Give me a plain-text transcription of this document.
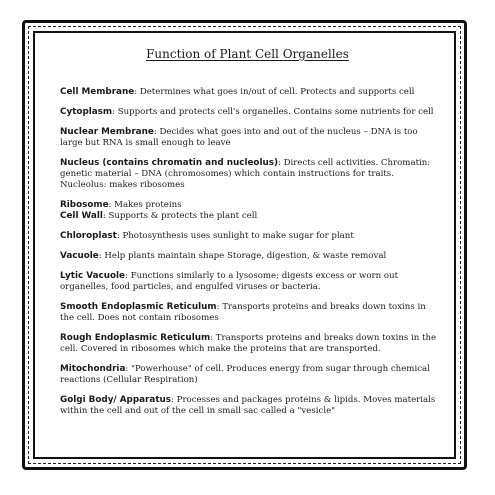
Function of Plant Cell Organelles
Cell Membrane: Determines what goes in/out of cell. Protects and supports cell
Cytoplasm: Supports and protects cell's organelles. Contains some nutrients for cell
Nuclear Membrane: Decides what goes into and out of the nucleus – DNA is too large but RNA is small enough to leave
Nucleus (contains chromatin and nucleolus): Directs cell activities. Chromatin: genetic material – DNA (chromosomes) which contain instructions for traits. Nucleolus: makes ribosomes
Ribosome: Makes proteins
Cell Wall: Supports & protects the plant cell
Chloroplast: Photosynthesis uses sunlight to make sugar for plant
Vacuole: Help plants maintain shape Storage, digestion, & waste removal
Lytic Vacuole: Functions similarly to a lysosome; digests excess or worn out organelles, food particles, and engulfed viruses or bacteria.
Smooth Endoplasmic Reticulum: Transports proteins and breaks down toxins in the cell. Does not contain ribosomes
Rough Endoplasmic Reticulum: Transports proteins and breaks down toxins in the cell. Covered in ribosomes which make the proteins that are transported.
Mitochondria: "Powerhouse" of cell. Produces energy from sugar through chemical reactions (Cellular Respiration)
Golgi Body/ Apparatus: Processes and packages proteins & lipids. Moves materials within the cell and out of the cell in small sac called a "vesicle"
